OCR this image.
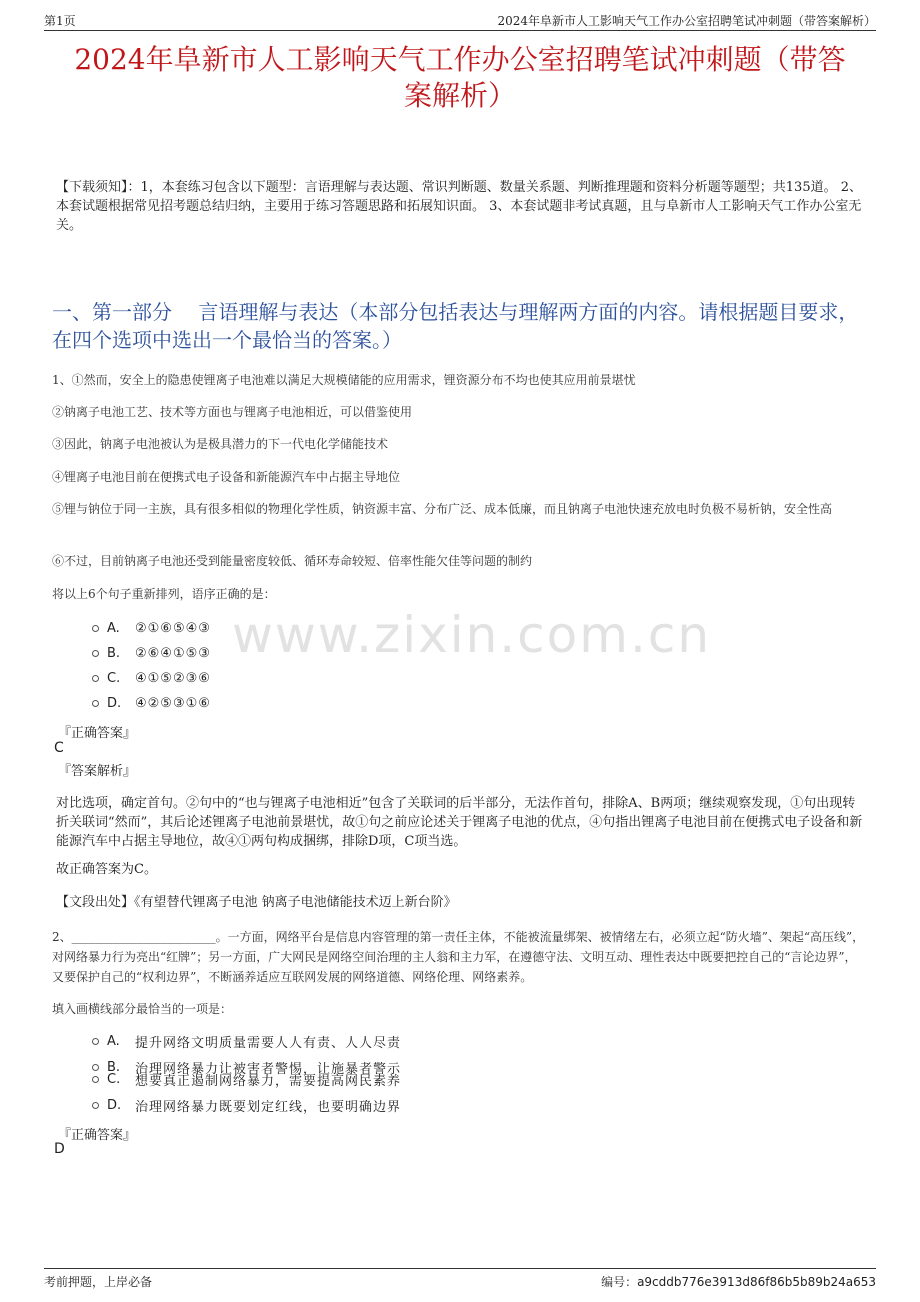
第1页	2024年阜新市人工影响天气工作办公室招聘笔试冲刺题（带答案解析）
2024年阜新市人工影响天气工作办公室招聘笔试冲刺题（带答
案解析）
【下载须知】：1，本套练习包含以下题型：言语理解与表达题、常识判断题、数量关系题、判断推理题和资料分析题等题型；共135道。 2、本套试题根据常见招考题总结归纳，主要用于练习答题思路和拓展知识面。 3、本套试题非考试真题，且与阜新市人工影响天气工作办公室无关。
一、第一部分　 言语理解与表达（本部分包括表达与理解两方面的内容。请根据题目要求，在四个选项中选出一个最恰当的答案。）
www.zixin.com.cn
1、①然而，安全上的隐患使锂离子电池难以满足大规模储能的应用需求，锂资源分布不均也使其应用前景堪忧
②钠离子电池工艺、技术等方面也与锂离子电池相近，可以借鉴使用
③因此，钠离子电池被认为是极具潜力的下一代电化学储能技术
④锂离子电池目前在便携式电子设备和新能源汽车中占据主导地位
⑤锂与钠位于同一主族，具有很多相似的物理化学性质，钠资源丰富、分布广泛、成本低廉，而且钠离子电池快速充放电时负极不易析钠，安全性高
⑥不过，目前钠离子电池还受到能量密度较低、循环寿命较短、倍率性能欠佳等问题的制约
将以上6个句子重新排列，语序正确的是：
A.	②①⑥⑤④③
B.	②⑥④①⑤③
C.	④①⑤②③⑥
D.	④②⑤③①⑥
『正确答案』
C
『答案解析』
对比选项，确定首句。②句中的“也与锂离子电池相近”包含了关联词的后半部分，无法作首句，排除A、B两项；继续观察发现，①句出现转折关联词“然而”，其后论述锂离子电池前景堪忧，故①句之前应论述关于锂离子电池的优点，④句指出锂离子电池目前在便携式电子设备和新能源汽车中占据主导地位，故④①两句构成捆绑，排除D项，C项当选。
故正确答案为C。
【文段出处】《有望替代锂离子电池 钠离子电池储能技术迈上新台阶》
2、________________________。一方面，网络平台是信息内容管理的第一责任主体，不能被流量绑架、被情绪左右，必须立起“防火墙”、架起“高压线”，对网络暴力行为亮出“红牌”；另一方面，广大网民是网络空间治理的主人翁和主力军，在遵德守法、文明互动、理性表达中既要把控自己的“言论边界”，又要保护自己的“权利边界”，不断涵养适应互联网发展的网络道德、网络伦理、网络素养。
填入画横线部分最恰当的一项是：
A.	提升网络文明质量需要人人有责、人人尽责
B.	治理网络暴力让被害者警惕，让施暴者警示
C.	想要真正遏制网络暴力，需要提高网民素养
D.	治理网络暴力既要划定红线，也要明确边界
『正确答案』
D
考前押题，上岸必备	编号：a9cddb776e3913d86f86b5b89b24a653
